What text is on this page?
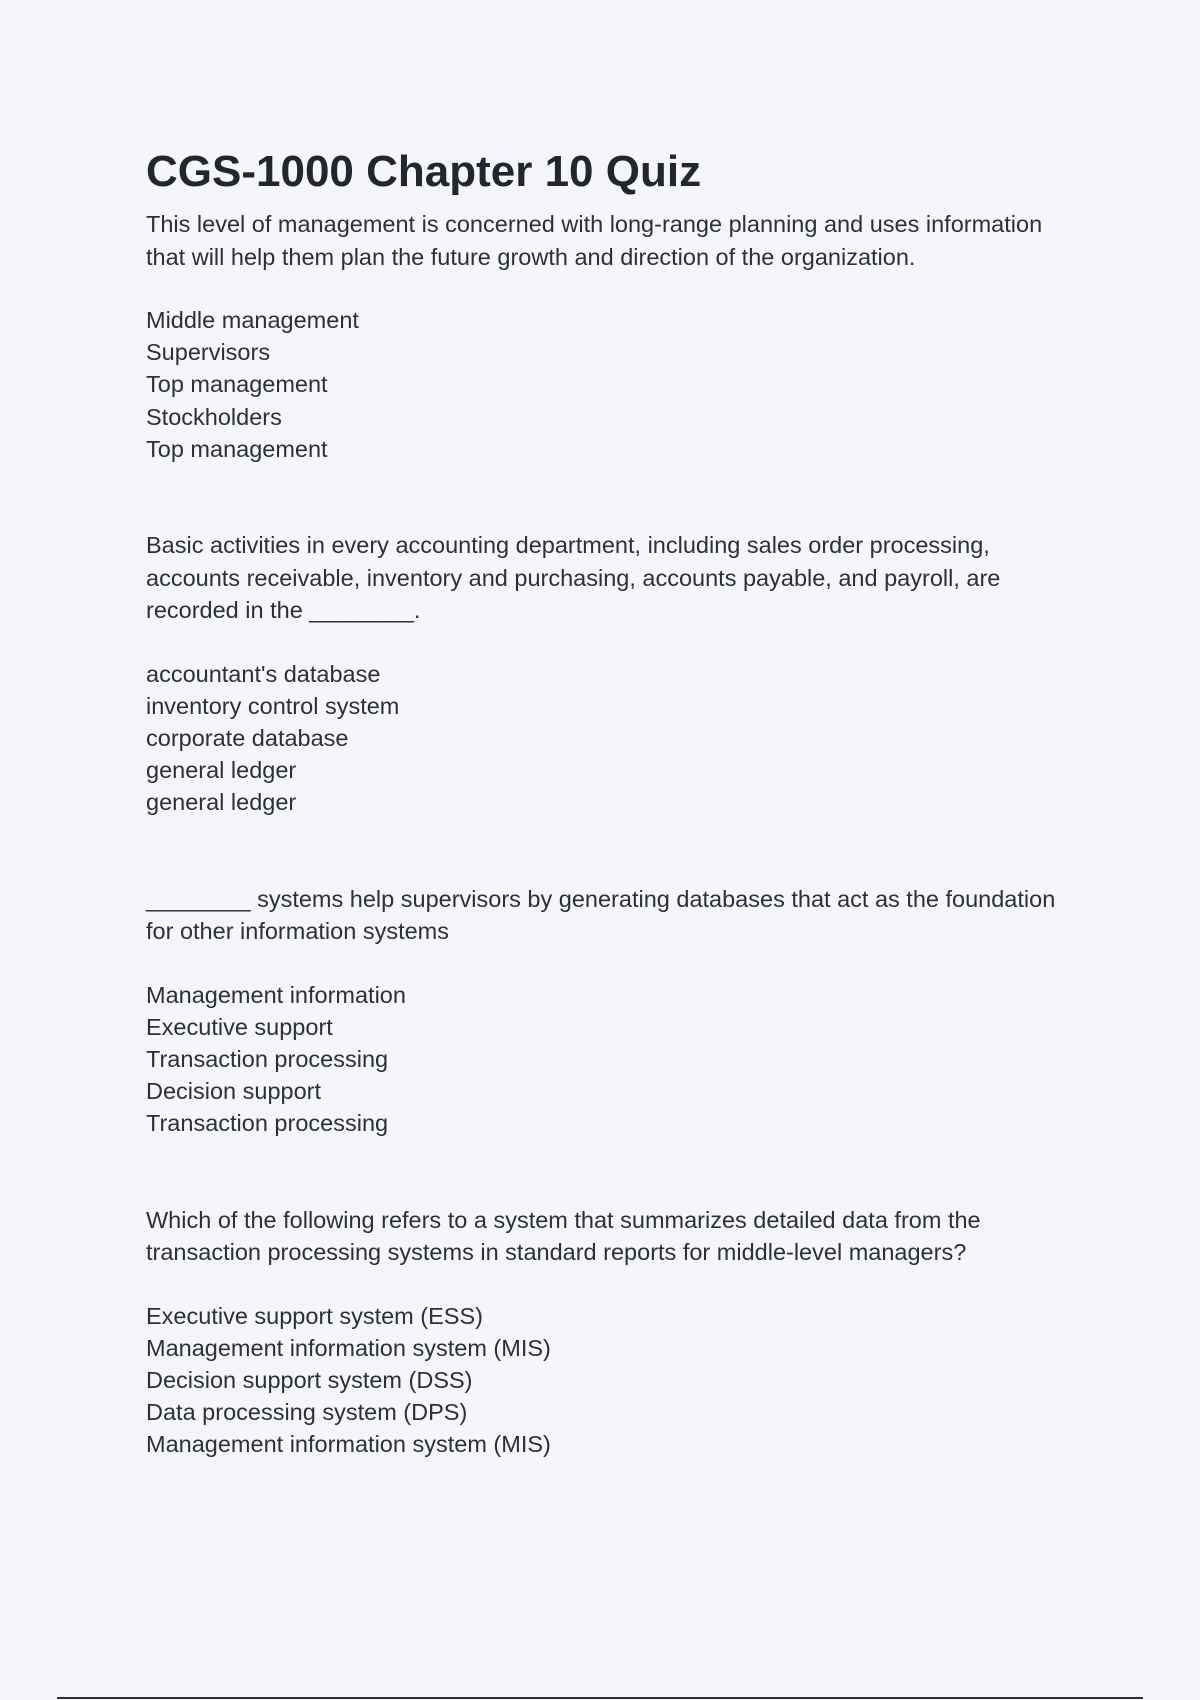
CGS-1000 Chapter 10 Quiz

This level of management is concerned with long-range planning and uses information that will help them plan the future growth and direction of the organization.

Middle management
Supervisors
Top management
Stockholders
Top management

Basic activities in every accounting department, including sales order processing, accounts receivable, inventory and purchasing, accounts payable, and payroll, are recorded in the ________.

accountant's database
inventory control system
corporate database
general ledger
general ledger

________ systems help supervisors by generating databases that act as the foundation for other information systems

Management information
Executive support
Transaction processing
Decision support
Transaction processing

Which of the following refers to a system that summarizes detailed data from the transaction processing systems in standard reports for middle-level managers?

Executive support system (ESS)
Management information system (MIS)
Decision support system (DSS)
Data processing system (DPS)
Management information system (MIS)
